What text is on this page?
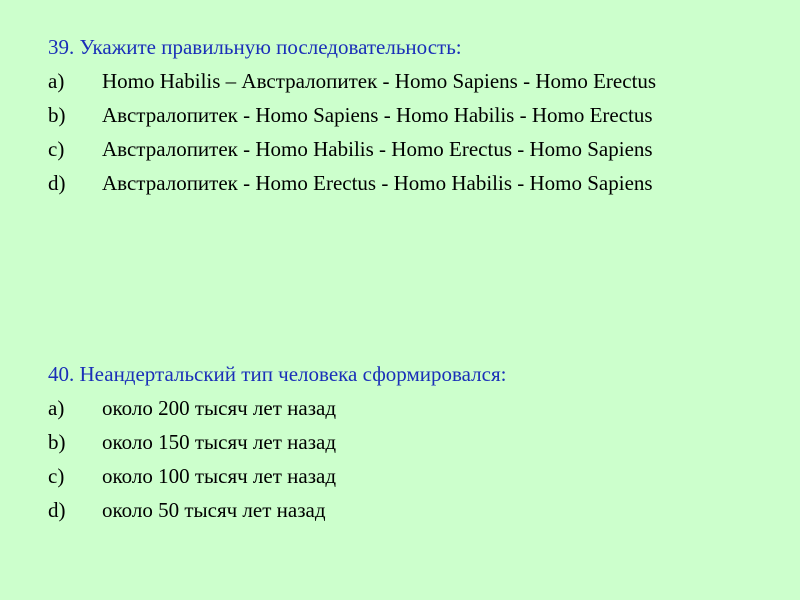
39. Укажите правильную последовательность:
a)	Homo Habilis – Австралопитек - Homo Sapiens - Homo Erectus
b)	Австралопитек - Homo Sapiens - Homo Habilis - Homo Erectus
c)	Австралопитек - Homo Habilis - Homo Erectus - Homo Sapiens
d)	Австралопитек - Homo Erectus - Homo Habilis - Homo Sapiens
40. Неандертальский тип человека сформировался:
a)	около 200 тысяч лет назад
b)	около 150 тысяч лет назад
c)	около 100 тысяч лет назад
d)	около 50 тысяч лет назад
